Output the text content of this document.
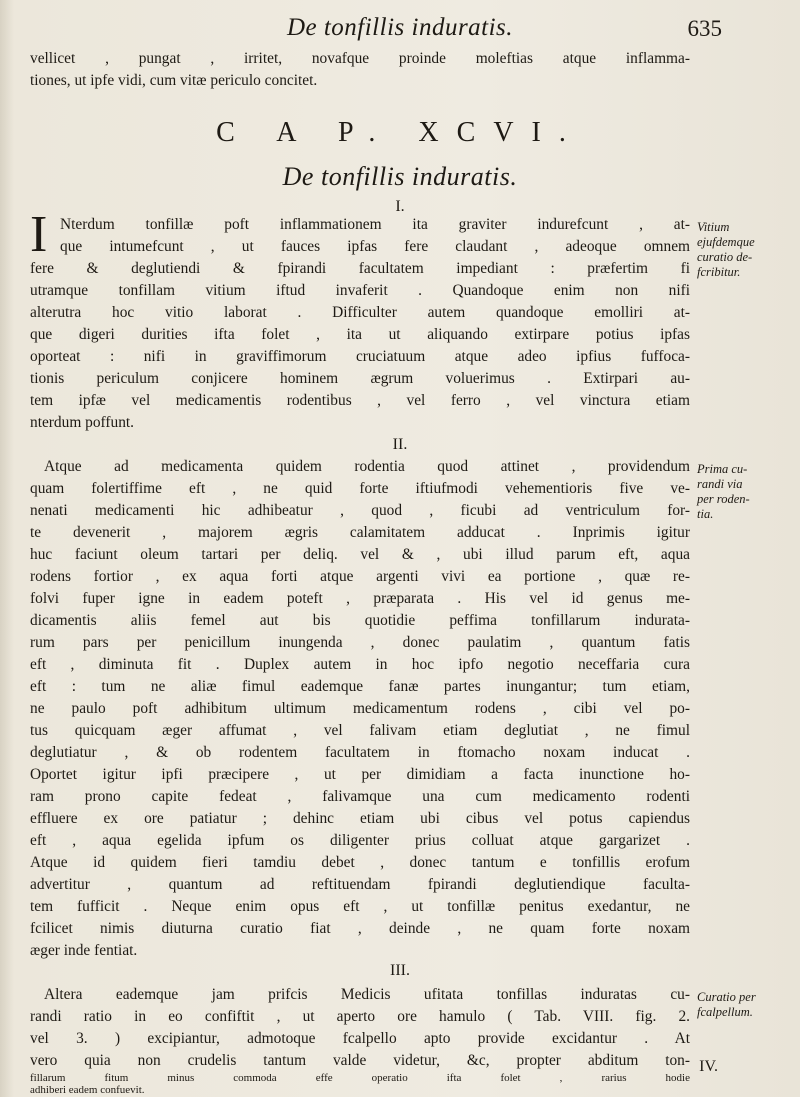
De tonfillis induratis.	635
vellicet , pungat , irritet, novafque proinde moleftias atque inflamma-
tiones, ut ipfe vidi, cum vitæ periculo concitet.
C A P. XCVI.
De tonfillis induratis.
I.
I Nterdum tonfillæ poft inflammationem ita graviter indurefcunt , at-
que intumefcunt , ut fauces ipfas fere claudant , adeoque omnem
fere & deglutiendi & fpirandi facultatem impediant : præfertim fi
utramque tonfillam vitium iftud invaferit . Quandoque enim non nifi
alterutra hoc vitio laborat . Difficulter autem quandoque emolliri at-
que digeri durities ifta folet , ita ut aliquando extirpare potius ipfas
oporteat : nifi in graviffimorum cruciatuum atque adeo ipfius fuffoca-
tionis periculum conjicere hominem ægrum voluerimus . Extirpari au-
tem ipfæ vel medicamentis rodentibus , vel ferro , vel vinctura etiam
nterdum poffunt.
Vitium
ejufdemque
curatio de-
fcribitur.
II.
Atque ad medicamenta quidem rodentia quod attinet , providendum
quam folertiffime eft , ne quid forte iftiufmodi vehementioris five ve-
nenati medicamenti hic adhibeatur , quod , ficubi ad ventriculum for-
te devenerit , majorem ægris calamitatem adducat . Inprimis igitur
huc faciunt oleum tartari per deliq. vel & , ubi illud parum eft, aqua
rodens fortior , ex aqua forti atque argenti vivi ea portione , quæ re-
folvi fuper igne in eadem poteft , præparata . His vel id genus me-
dicamentis aliis femel aut bis quotidie peffima tonfillarum indurata-
rum pars per penicillum inungenda , donec paulatim , quantum fatis
eft , diminuta fit . Duplex autem in hoc ipfo negotio neceffaria cura
eft : tum ne aliæ fimul eademque fanæ partes inungantur; tum etiam,
ne paulo poft adhibitum ultimum medicamentum rodens , cibi vel po-
tus quicquam æger affumat , vel falivam etiam deglutiat , ne fimul
deglutiatur , & ob rodentem facultatem in ftomacho noxam inducat .
Oportet igitur ipfi præcipere , ut per dimidiam a facta inunctione ho-
ram prono capite fedeat , falivamque una cum medicamento rodenti
effluere ex ore patiatur ; dehinc etiam ubi cibus vel potus capiendus
eft , aqua egelida ipfum os diligenter prius colluat atque gargarizet .
Atque id quidem fieri tamdiu debet , donec tantum e tonfillis erofum
advertitur , quantum ad reftituendam fpirandi deglutiendique faculta-
tem fufficit . Neque enim opus eft , ut tonfillæ penitus exedantur, ne
fcilicet nimis diuturna curatio fiat , deinde , ne quam forte noxam
æger inde fentiat.
Prima cu-
randi via
per roden-
tia.
III.
Altera eademque jam prifcis Medicis ufitata tonfillas induratas cu-
randi ratio in eo confiftit , ut aperto ore hamulo ( Tab. VIII. fig. 2.
vel 3. ) excipiantur, admotoque fcalpello apto provide excidantur . At
vero quia non crudelis tantum valde videtur, &c, propter abditum ton-
Curatio per
fcalpellum.
fillarum fitum minus commoda effe operatio ifta folet , rarius hodie
adhiberi eadem confuevit.
IV.
